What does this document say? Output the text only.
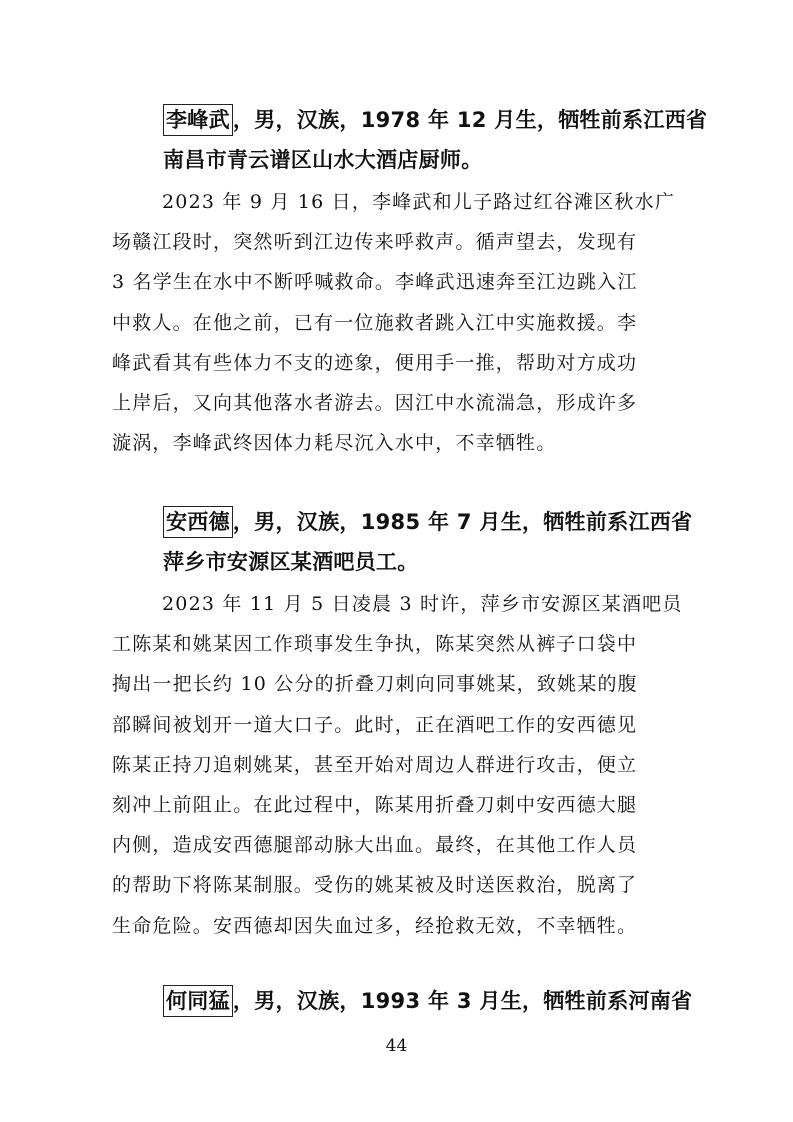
李峰武 ，男，汉族，1978 年 12 月生，牺牲前系江西省
南昌市青云谱区山水大酒店厨师。
2023 年 9 月 16 日，李峰武和儿子路过红谷滩区秋水广
场赣江段时，突然听到江边传来呼救声。循声望去，发现有
3 名学生在水中不断呼喊救命。李峰武迅速奔至江边跳入江
中救人。在他之前，已有一位施救者跳入江中实施救援。李
峰武看其有些体力不支的迹象，便用手一推，帮助对方成功
上岸后，又向其他落水者游去。因江中水流湍急，形成许多
漩涡，李峰武终因体力耗尽沉入水中，不幸牺牲。
安西德 ，男，汉族，1985 年 7 月生，牺牲前系江西省
萍乡市安源区某酒吧员工。
2023 年 11 月 5 日凌晨 3 时许，萍乡市安源区某酒吧员
工陈某和姚某因工作琐事发生争执，陈某突然从裤子口袋中
掏出一把长约 10 公分的折叠刀刺向同事姚某，致姚某的腹
部瞬间被划开一道大口子。此时，正在酒吧工作的安西德见
陈某正持刀追刺姚某，甚至开始对周边人群进行攻击，便立
刻冲上前阻止。在此过程中，陈某用折叠刀刺中安西德大腿
内侧，造成安西德腿部动脉大出血。最终，在其他工作人员
的帮助下将陈某制服。受伤的姚某被及时送医救治，脱离了
生命危险。安西德却因失血过多，经抢救无效，不幸牺牲。
何同猛 ，男，汉族，1993 年 3 月生，牺牲前系河南省
44
